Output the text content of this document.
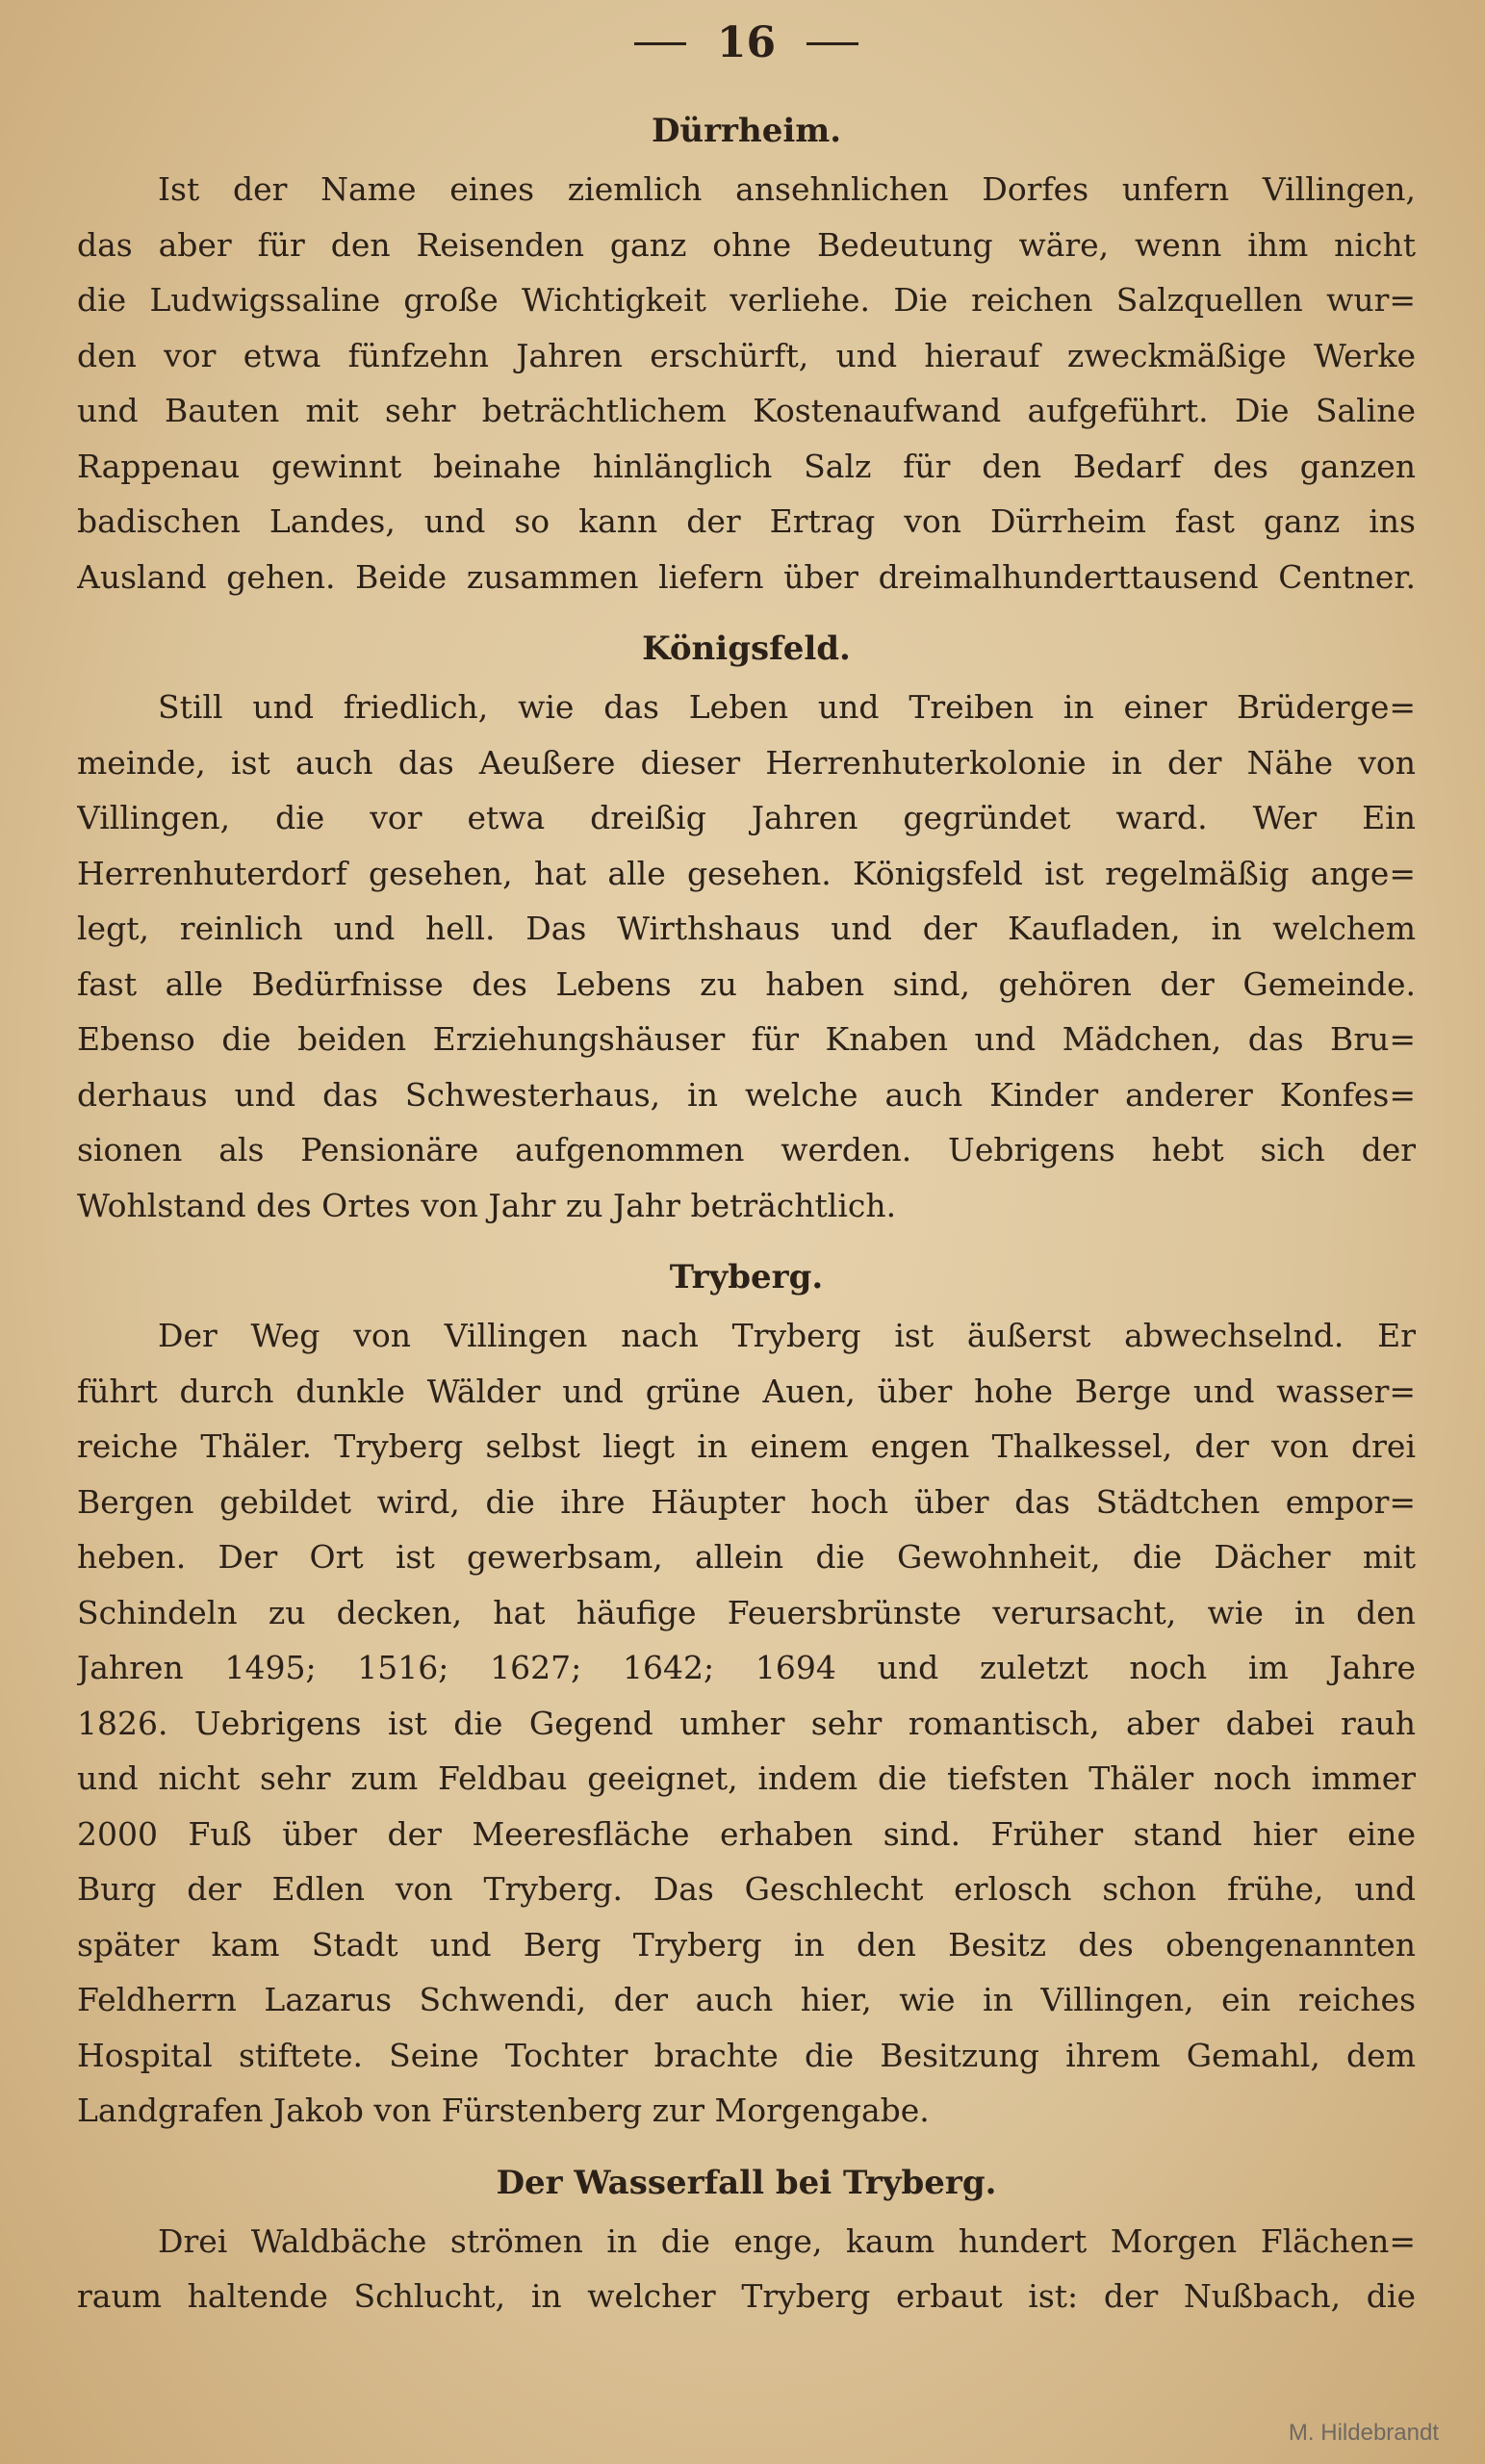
16
Dürrheim.

Ist der Name eines ziemlich ansehnlichen Dorfes unfern Villingen,
das aber für den Reisenden ganz ohne Bedeutung wäre, wenn ihm nicht
die Ludwigssaline große Wichtigkeit verliehe. Die reichen Salzquellen wur=
den vor etwa fünfzehn Jahren erschürft, und hierauf zweckmäßige Werke
und Bauten mit sehr beträchtlichem Kostenaufwand aufgeführt. Die Saline
Rappenau gewinnt beinahe hinlänglich Salz für den Bedarf des ganzen
badischen Landes, und so kann der Ertrag von Dürrheim fast ganz ins
Ausland gehen. Beide zusammen liefern über dreimalhunderttausend Centner.

Königsfeld.

Still und friedlich, wie das Leben und Treiben in einer Brüderge=
meinde, ist auch das Aeußere dieser Herrenhuterkolonie in der Nähe von
Villingen, die vor etwa dreißig Jahren gegründet ward. Wer Ein
Herrenhuterdorf gesehen, hat alle gesehen. Königsfeld ist regelmäßig ange=
legt, reinlich und hell. Das Wirthshaus und der Kaufladen, in welchem
fast alle Bedürfnisse des Lebens zu haben sind, gehören der Gemeinde.
Ebenso die beiden Erziehungshäuser für Knaben und Mädchen, das Bru=
derhaus und das Schwesterhaus, in welche auch Kinder anderer Konfes=
sionen als Pensionäre aufgenommen werden. Uebrigens hebt sich der
Wohlstand des Ortes von Jahr zu Jahr beträchtlich.

Tryberg.

Der Weg von Villingen nach Tryberg ist äußerst abwechselnd. Er
führt durch dunkle Wälder und grüne Auen, über hohe Berge und wasser=
reiche Thäler. Tryberg selbst liegt in einem engen Thalkessel, der von drei
Bergen gebildet wird, die ihre Häupter hoch über das Städtchen empor=
heben. Der Ort ist gewerbsam, allein die Gewohnheit, die Dächer mit
Schindeln zu decken, hat häufige Feuersbrünste verursacht, wie in den
Jahren 1495; 1516; 1627; 1642; 1694 und zuletzt noch im Jahre
1826. Uebrigens ist die Gegend umher sehr romantisch, aber dabei rauh
und nicht sehr zum Feldbau geeignet, indem die tiefsten Thäler noch immer
2000 Fuß über der Meeresfläche erhaben sind. Früher stand hier eine
Burg der Edlen von Tryberg. Das Geschlecht erlosch schon frühe, und
später kam Stadt und Berg Tryberg in den Besitz des obengenannten
Feldherrn Lazarus Schwendi, der auch hier, wie in Villingen, ein reiches
Hospital stiftete. Seine Tochter brachte die Besitzung ihrem Gemahl, dem
Landgrafen Jakob von Fürstenberg zur Morgengabe.

Der Wasserfall bei Tryberg.

Drei Waldbäche strömen in die enge, kaum hundert Morgen Flächen=
raum haltende Schlucht, in welcher Tryberg erbaut ist: der Nußbach, die

M. Hildebrandt
